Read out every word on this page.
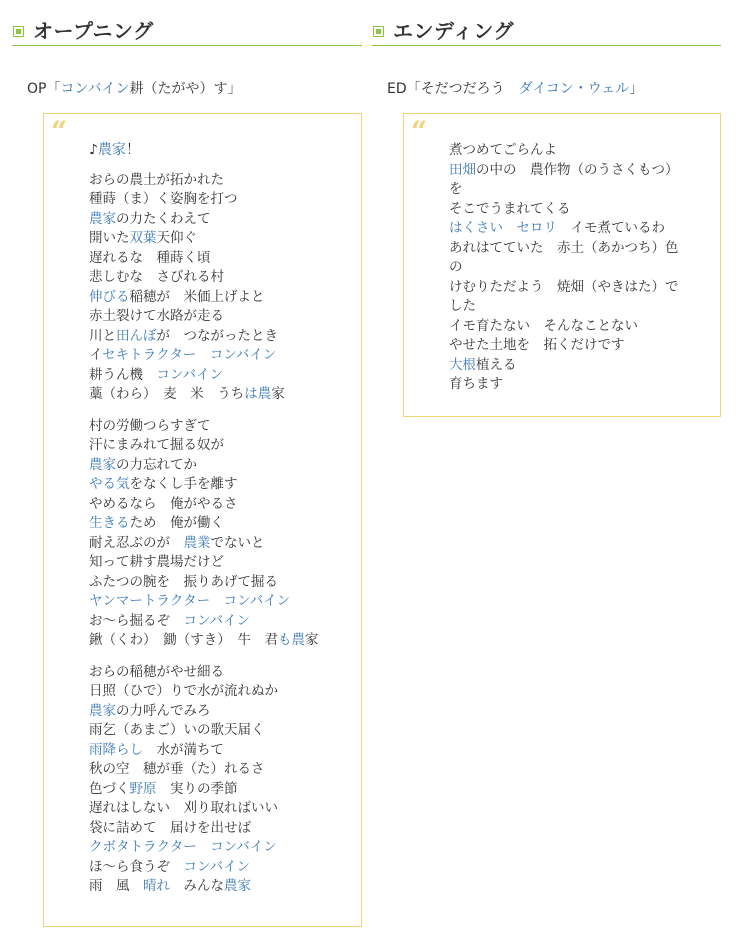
オープニング
OP「コンバイン耕（たがや）す」
“
♪農家！
おらの農土が拓かれた
種蒔（ま）く姿胸を打つ
農家の力たくわえて
開いた双葉天仰ぐ
遅れるな　種蒔く頃
悲しむな　さびれる村
伸びる稲穂が　米価上げよと
赤土裂けて水路が走る
川と田んぼが　つながったとき
イセキトラクター　コンバイン
耕うん機　コンバイン
藁（わら）　麦　米　うちは農家
村の労働つらすぎて
汗にまみれて掘る奴が
農家の力忘れてか
やる気をなくし手を離す
やめるなら　俺がやるさ
生きるため　俺が働く
耐え忍ぶのが　農業でないと
知って耕す農場だけど
ふたつの腕を　振りあげて掘る
ヤンマートラクター　コンバイン
お～ら掘るぞ　コンバイン
鍬（くわ）　鋤（すき）　牛　君も農家
おらの稲穂がやせ細る
日照（ひで）りで水が流れぬか
農家の力呼んでみろ
雨乞（あまご）いの歌天届く
雨降らし　水が満ちて
秋の空　穂が垂（た）れるさ
色づく野原　実りの季節
遅れはしない　刈り取ればいい
袋に詰めて　届けを出せば
クボタトラクター　コンバイン
ほ～ら食うぞ　コンバイン
雨　風　晴れ　みんな農家
エンディング
ED「そだつだろう　ダイコン・ウェル」
“
煮つめてごらんよ
田畑の中の　農作物（のうさくもつ）
を
そこでうまれてくる
はくさい　セロリ　イモ煮ているわ
あれはてていた　赤土（あかつち）色
の
けむりただよう　焼畑（やきはた）で
した
イモ育たない　そんなことない
やせた土地を　拓くだけです
大根植える
育ちます
